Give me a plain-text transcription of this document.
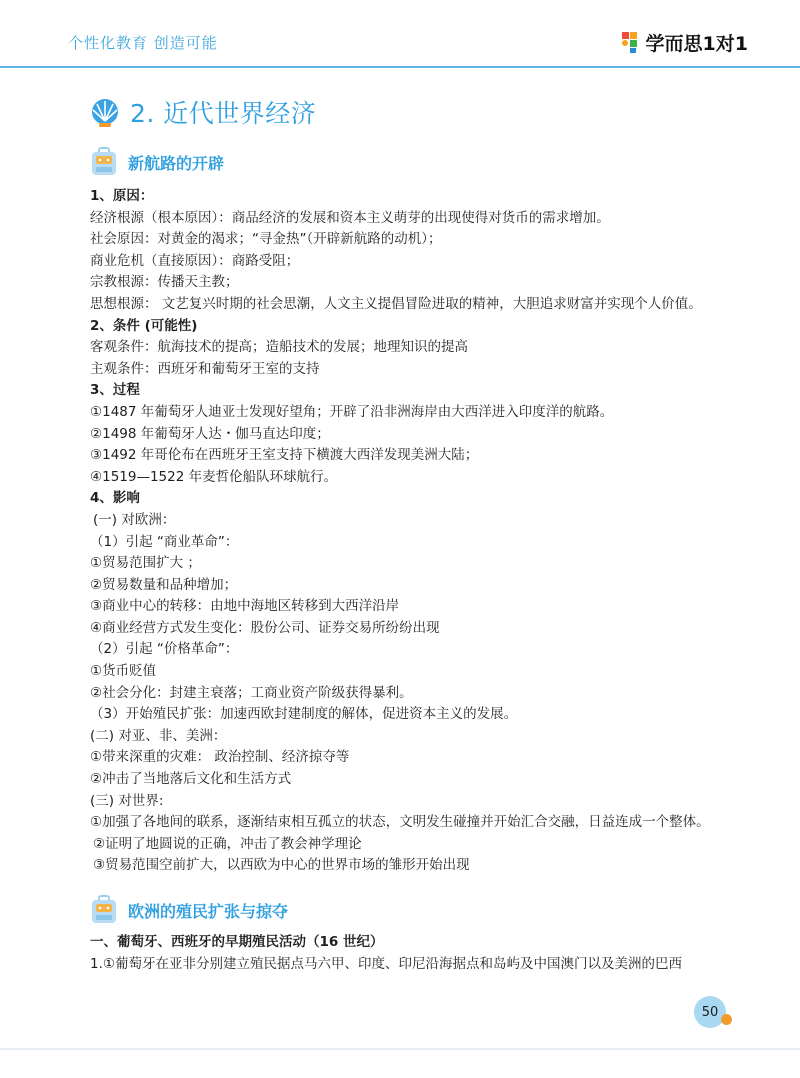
个性化教育 创造可能	学而思1对1
2. 近代世界经济
新航路的开辟
1、原因：
经济根源（根本原因）：商品经济的发展和资本主义萌芽的出现使得对货币的需求增加。
社会原因：对黄金的渴求；“寻金热”（开辟新航路的动机）；
商业危机（直接原因）：商路受阻；
宗教根源：传播天主教；
思想根源： 文艺复兴时期的社会思潮，人文主义提倡冒险进取的精神，大胆追求财富并实现个人价值。
2、条件 (可能性)
客观条件：航海技术的提高；造船技术的发展；地理知识的提高
主观条件：西班牙和葡萄牙王室的支持
3、过程
①1487 年葡萄牙人迪亚士发现好望角；开辟了沿非洲海岸由大西洋进入印度洋的航路。
②1498 年葡萄牙人达・伽马直达印度；
③1492 年哥伦布在西班牙王室支持下横渡大西洋发现美洲大陆；
④1519—1522 年麦哲伦船队环球航行。
4、影响
(一) 对欧洲：
（1）引起 “商业革命”：
①贸易范围扩大 ；
②贸易数量和品种增加；
③商业中心的转移：由地中海地区转移到大西洋沿岸
④商业经营方式发生变化：股份公司、证券交易所纷纷出现
（2）引起 “价格革命”：
①货币贬值
②社会分化：封建主衰落；工商业资产阶级获得暴利。
（3）开始殖民扩张：加速西欧封建制度的解体，促进资本主义的发展。
(二) 对亚、非、美洲：
①带来深重的灾难： 政治控制、经济掠夺等
②冲击了当地落后文化和生活方式
(三) 对世界:
①加强了各地间的联系，逐渐结束相互孤立的状态，文明发生碰撞并开始汇合交融，日益连成一个整体。
②证明了地圆说的正确，冲击了教会神学理论
③贸易范围空前扩大，以西欧为中心的世界市场的雏形开始出现
欧洲的殖民扩张与掠夺
一、葡萄牙、西班牙的早期殖民活动（16 世纪）
1.①葡萄牙在亚非分别建立殖民据点马六甲、印度、印尼沿海据点和岛屿及中国澳门以及美洲的巴西
50
